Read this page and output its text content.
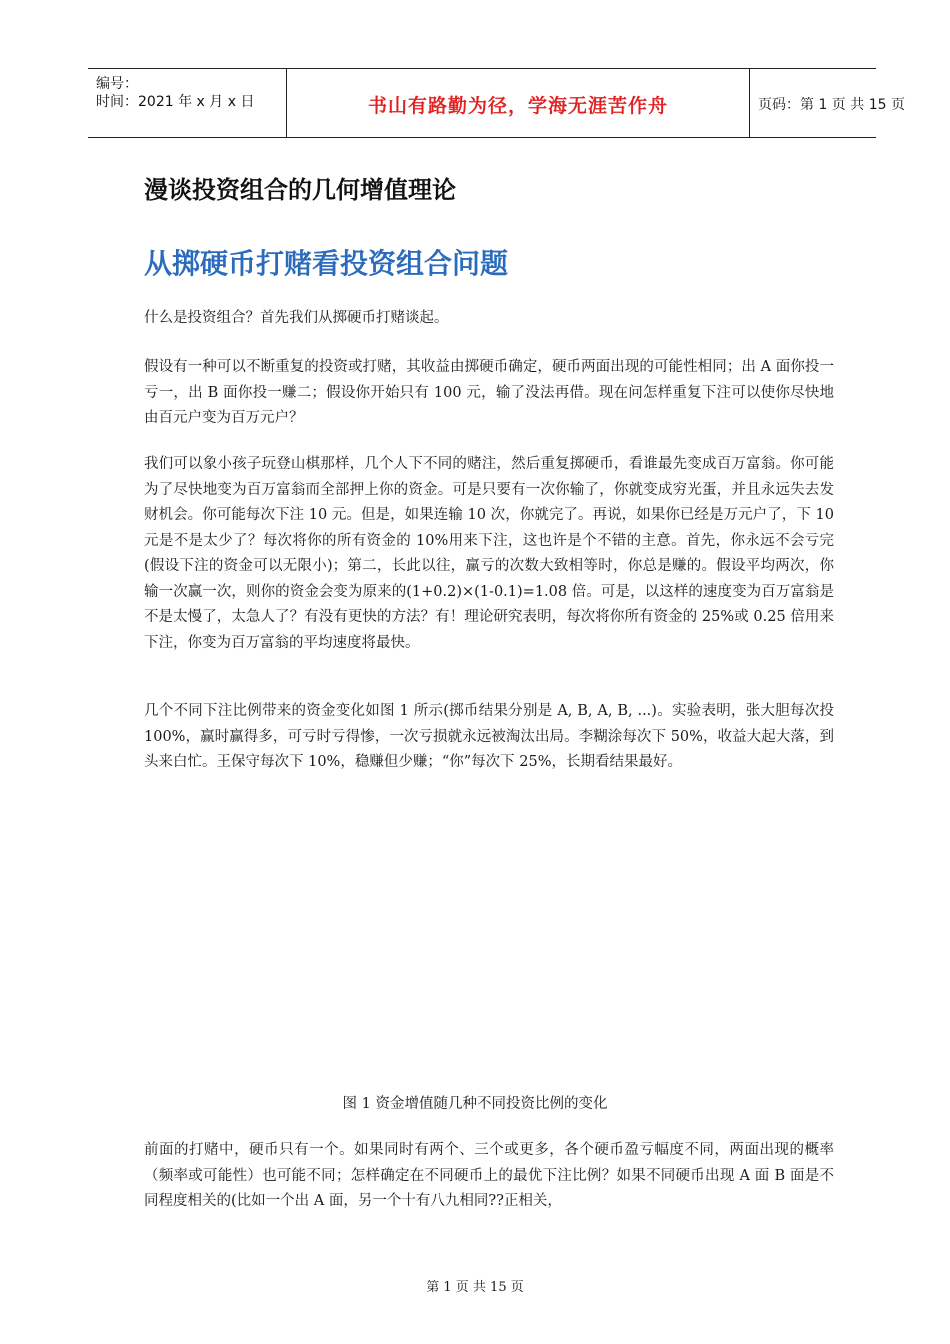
编号：
时间：2021 年 x 月 x 日	书山有路勤为径，学海无涯苦作舟	页码：第 1 页 共 15 页
漫谈投资组合的几何增值理论
从掷硬币打赌看投资组合问题

什么是投资组合？首先我们从掷硬币打赌谈起。

假设有一种可以不断重复的投资或打赌，其收益由掷硬币确定，硬币两面出现的可能性相同；出 A 面你投一亏一，出 B 面你投一赚二；假设你开始只有 100 元，输了没法再借。现在问怎样重复下注可以使你尽快地由百元户变为百万元户？

我们可以象小孩子玩登山棋那样，几个人下不同的赌注，然后重复掷硬币，看谁最先变成百万富翁。你可能为了尽快地变为百万富翁而全部押上你的资金。可是只要有一次你输了，你就变成穷光蛋，并且永远失去发财机会。你可能每次下注 10 元。但是，如果连输 10 次，你就完了。再说，如果你已经是万元户了，下 10 元是不是太少了？每次将你的所有资金的 10%用来下注，这也许是个不错的主意。首先，你永远不会亏完(假设下注的资金可以无限小)；第二，长此以往，赢亏的次数大致相等时，你总是赚的。假设平均两次，你输一次赢一次，则你的资金会变为原来的(1+0.2)×(1-0.1)=1.08 倍。可是，以这样的速度变为百万富翁是不是太慢了，太急人了？有没有更快的方法？有！理论研究表明，每次将你所有资金的 25%或 0.25 倍用来下注，你变为百万富翁的平均速度将最快。

几个不同下注比例带来的资金变化如图 1 所示(掷币结果分别是 A, B, A, B, ...)。实验表明，张大胆每次投 100%，赢时赢得多，可亏时亏得惨，一次亏损就永远被淘汰出局。李糊涂每次下 50%，收益大起大落，到头来白忙。王保守每次下 10%，稳赚但少赚；“你”每次下 25%，长期看结果最好。

图 1 资金增值随几种不同投资比例的变化

前面的打赌中，硬币只有一个。如果同时有两个、三个或更多，各个硬币盈亏幅度不同，两面出现的概率（频率或可能性）也可能不同；怎样确定在不同硬币上的最优下注比例？如果不同硬币出现 A 面 B 面是不同程度相关的(比如一个出 A 面，另一个十有八九相同??正相关，

第 1 页 共 15 页
